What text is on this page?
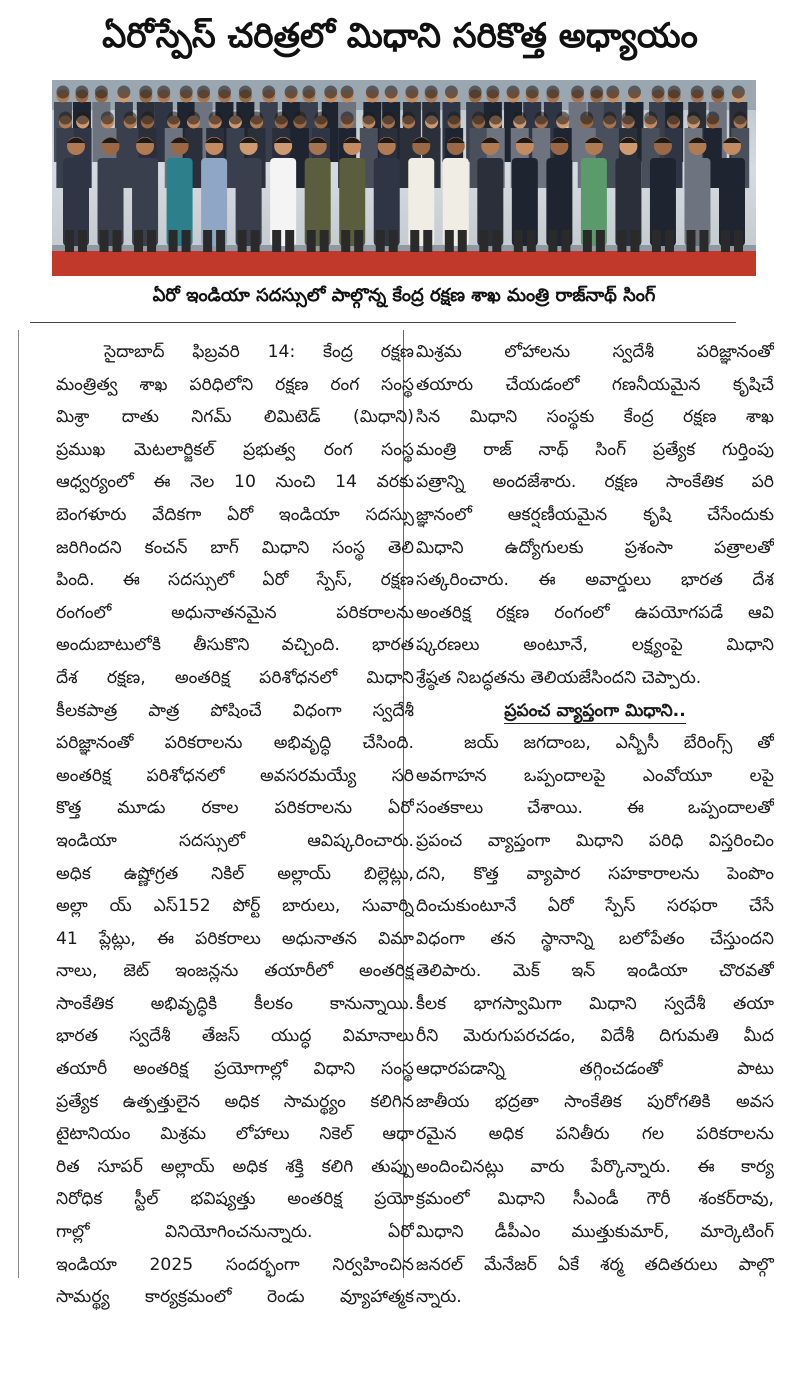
ఏరోస్పేస్ చరిత్రలో మిధాని సరికొత్త అధ్యాయం
ఏరో ఇండియా సదస్సులో పాల్గొన్న కేంద్ర రక్షణ శాఖ మంత్రి రాజ్‌నాథ్ సింగ్
సైదాబాద్ ఫిబ్రవరి 14: కేంద్ర రక్షణ
మంత్రిత్వ శాఖ పరిధిలోని రక్షణ రంగ సంస్థ
మిశ్రా దాతు నిగమ్ లిమిటెడ్ (మిధాని)
ప్రముఖ మెటలార్జికల్ ప్రభుత్వ రంగ సంస్థ
ఆధ్వర్యంలో ఈ నెల 10 నుంచి 14 వరకు
బెంగళూరు వేదికగా ఏరో ఇండియా సదస్సు
జరిగిందని కంచన్ బాగ్ మిధాని సంస్థ తెలి
పింది. ఈ సదస్సులో ఏరో స్పేస్, రక్షణ
రంగంలో అధునాతనమైన పరికరాలను
అందుబాటులోకి తీసుకొని వచ్చింది. భారత
దేశ రక్షణ, అంతరిక్ష పరిశోధనలో మిధాని
కీలకపాత్ర పాత్ర పోషించే విధంగా స్వదేశీ
పరిజ్ఞానంతో పరికరాలను అభివృద్ధి చేసింది.
అంతరిక్ష పరిశోధనలో అవసరమయ్యే సరి
కొత్త మూడు రకాల పరికరాలను ఏరో
ఇండియా సదస్సులో ఆవిష్కరించారు.
అధిక ఉష్ణోగ్రత నికిల్ అల్లాయ్ బిల్లెట్లు,
అల్లా య్ ఎస్152 పోర్ట్ బారులు, సువార్ని
41 ప్లేట్లు, ఈ పరికరాలు అధునాతన విమా
నాలు, జెట్ ఇంజన్లను తయారీలో అంతరిక్ష
సాంకేతిక అభివృద్ధికి కీలకం కానున్నాయి.
భారత స్వదేశీ తేజస్ యుద్ధ విమానాలు
తయారీ అంతరిక్ష ప్రయోగాల్లో విధాని సంస్థ
ప్రత్యేక ఉత్పత్తులైన అధిక సామర్థ్యం కలిగిన
టైటానియం మిశ్రమ లోహాలు నికెల్ ఆధా
రిత సూపర్ అల్లాయ్ అధిక శక్తి కలిగి తుప్పు
నిరోధిక స్టీల్ భవిష్యత్తు అంతరిక్ష ప్రయో
గాల్లో వినియోగించనున్నారు. ఏరో
ఇండియా 2025 సందర్భంగా నిర్వహించిన
సామర్థ్య కార్యక్రమంలో రెండు వ్యూహాత్మక
మిశ్రమ లోహాలను స్వదేశీ పరిజ్ఞానంతో
తయారు చేయడంలో గణనీయమైన కృషిచే
సిన మిధాని సంస్థకు కేంద్ర రక్షణ శాఖ
మంత్రి రాజ్ నాథ్ సింగ్ ప్రత్యేక గుర్తింపు
పత్రాన్ని అందజేశారు. రక్షణ సాంకేతిక పరి
జ్ఞానంలో ఆకర్షణీయమైన కృషి చేసేందుకు
మిధాని ఉద్యోగులకు ప్రశంసా పత్రాలతో
సత్కరించారు. ఈ అవార్డులు భారత దేశ
అంతరిక్ష రక్షణ రంగంలో ఉపయోగపడే ఆవి
ష్కరణలు అంటూనే, లక్ష్యంపై మిధాని
శ్రేష్ఠత నిబద్ధతను తెలియజేసిందని చెప్పారు.
ప్రపంచ వ్యాప్తంగా మిధాని..
జయ్ జగదాంబ, ఎన్బీసీ బేరింగ్స్ తో
అవగాహన ఒప్పందాలపై ఎంవోయూ లపై
సంతకాలు చేశాయి. ఈ ఒప్పందాలతో
ప్రపంచ వ్యాప్తంగా మిధాని పరిధి విస్తరించిం
దని, కొత్త వ్యాపార సహకారాలను పెంపొం
దించుకుంటూనే ఏరో స్పేస్ సరఫరా చేసే
విధంగా తన స్థానాన్ని బలోపేతం చేస్తుందని
తెలిపారు. మెక్ ఇన్ ఇండియా చొరవతో
కీలక భాగస్వామిగా మిధాని స్వదేశీ తయా
రీని మెరుగుపరచడం, విదేశీ దిగుమతి మీద
ఆధారపడాన్ని తగ్గించడంతో పాటు
జాతీయ భద్రతా సాంకేతిక పురోగతికి అవస
రమైన అధిక పనితీరు గల పరికరాలను
అందించినట్లు వారు పేర్కొన్నారు. ఈ కార్య
క్రమంలో మిధాని సీఎండీ గౌరీ శంకర్‌రావు,
మిధాని డీపీఎం ముత్తుకుమార్, మార్కెటింగ్
జనరల్ మేనేజర్ ఏకే శర్మ తదితరులు పాల్గొ
న్నారు.
